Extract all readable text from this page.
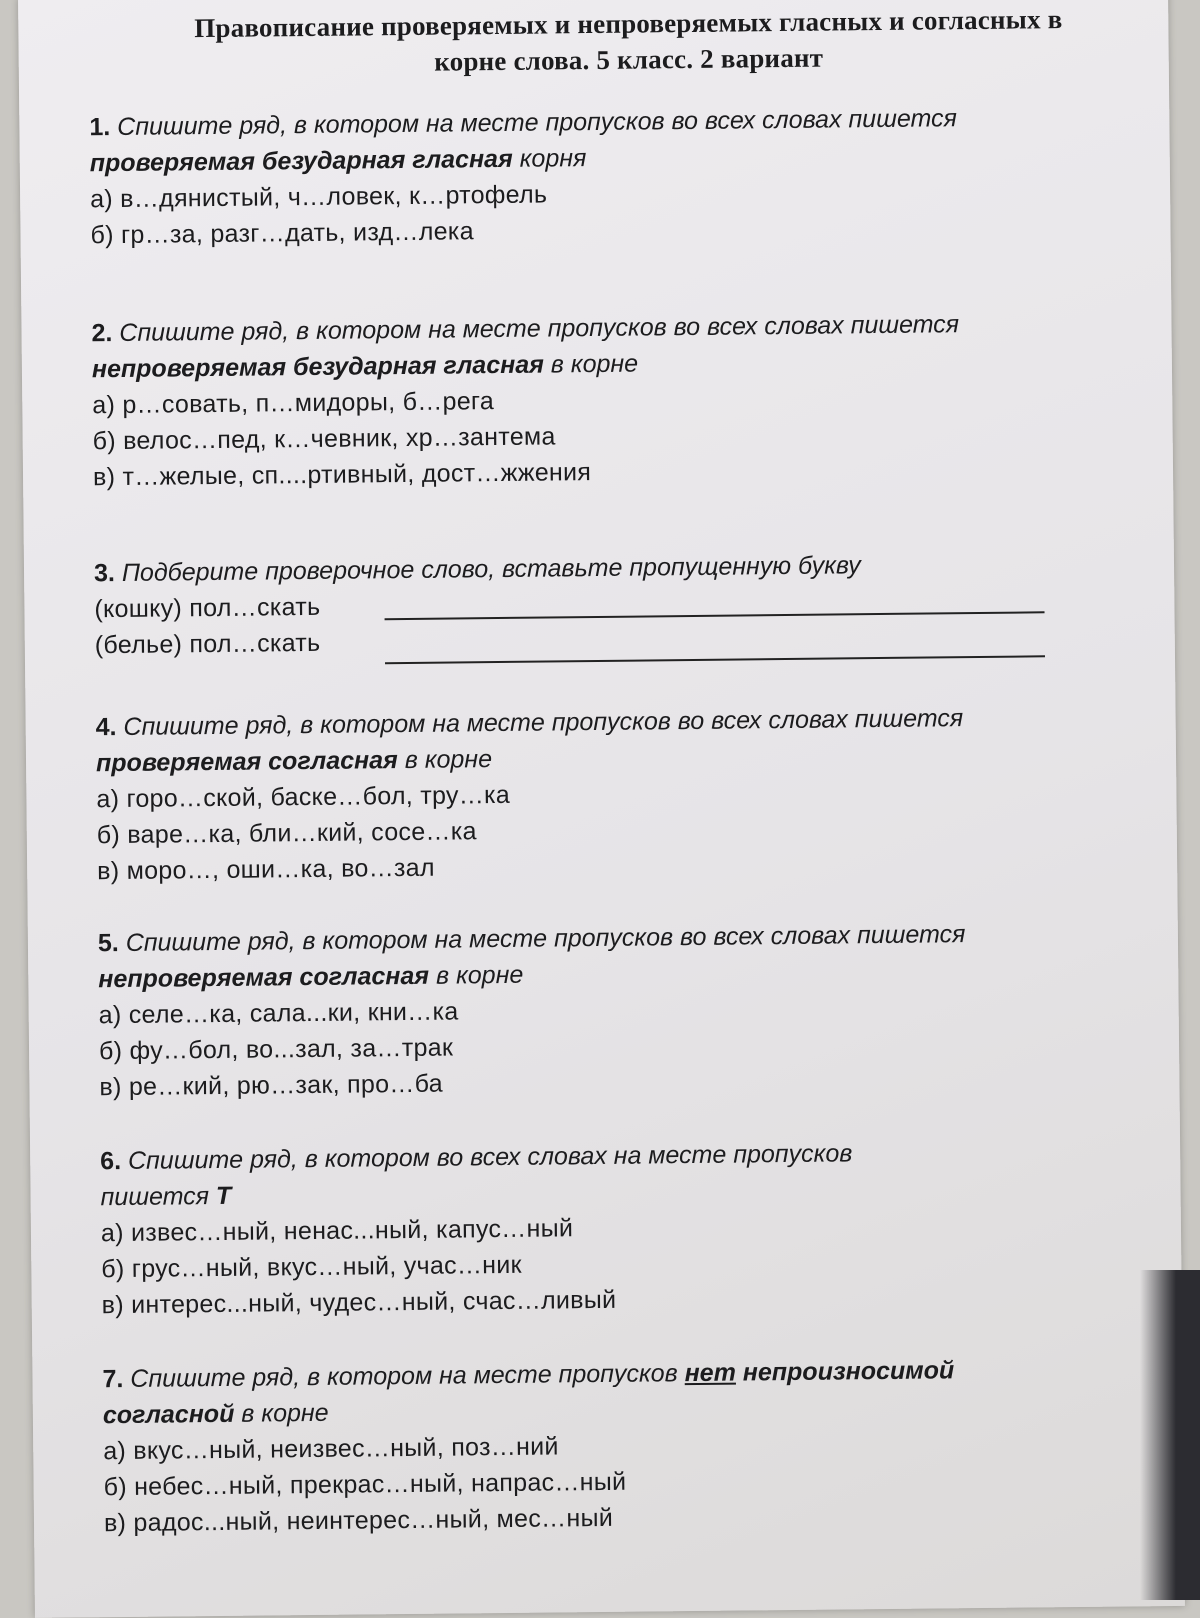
Правописание проверяемых и непроверяемых гласных и согласных в
корне слова. 5 класс. 2 вариант
1. Спишите ряд, в котором на месте пропусков во всех словах пишется
проверяемая безударная гласная корня
а) в…дянистый, ч…ловек, к…ртофель
б) гр…за, разг…дать, изд…лека
2. Спишите ряд, в котором на месте пропусков во всех словах пишется
непроверяемая безударная гласная в корне
а) р…совать, п…мидоры, б…рега
б) велос…пед, к…чевник, хр…зантема
в) т…желые, сп....ртивный, дост…жжения
3. Подберите проверочное слово, вставьте пропущенную букву
(кошку) пол…скать
(белье) пол…скать
4. Спишите ряд, в котором на месте пропусков во всех словах пишется
проверяемая согласная в корне
а) горо…ской, баске…бол, тру…ка
б) варе…ка, бли…кий, сосе…ка
в) моро…, оши…ка, во…зал
5. Спишите ряд, в котором на месте пропусков во всех словах пишется
непроверяемая согласная в корне
а) селе…ка, сала...ки, кни…ка
б) фу…бол, во...зал, за…трак
в) ре…кий, рю…зак, про…ба
6. Спишите ряд, в котором во всех словах на месте пропусков
пишется Т
а) извес…ный, ненас...ный, капус…ный
б) грус…ный, вкус…ный, учас…ник
в) интерес...ный, чудес…ный, счас…ливый
7. Спишите ряд, в котором на месте пропусков нет непроизносимой
согласной в корне
а) вкус…ный, неизвес…ный, поз…ний
б) небес…ный, прекрас…ный, напрас…ный
в) радос...ный, неинтерес…ный, мес…ный
